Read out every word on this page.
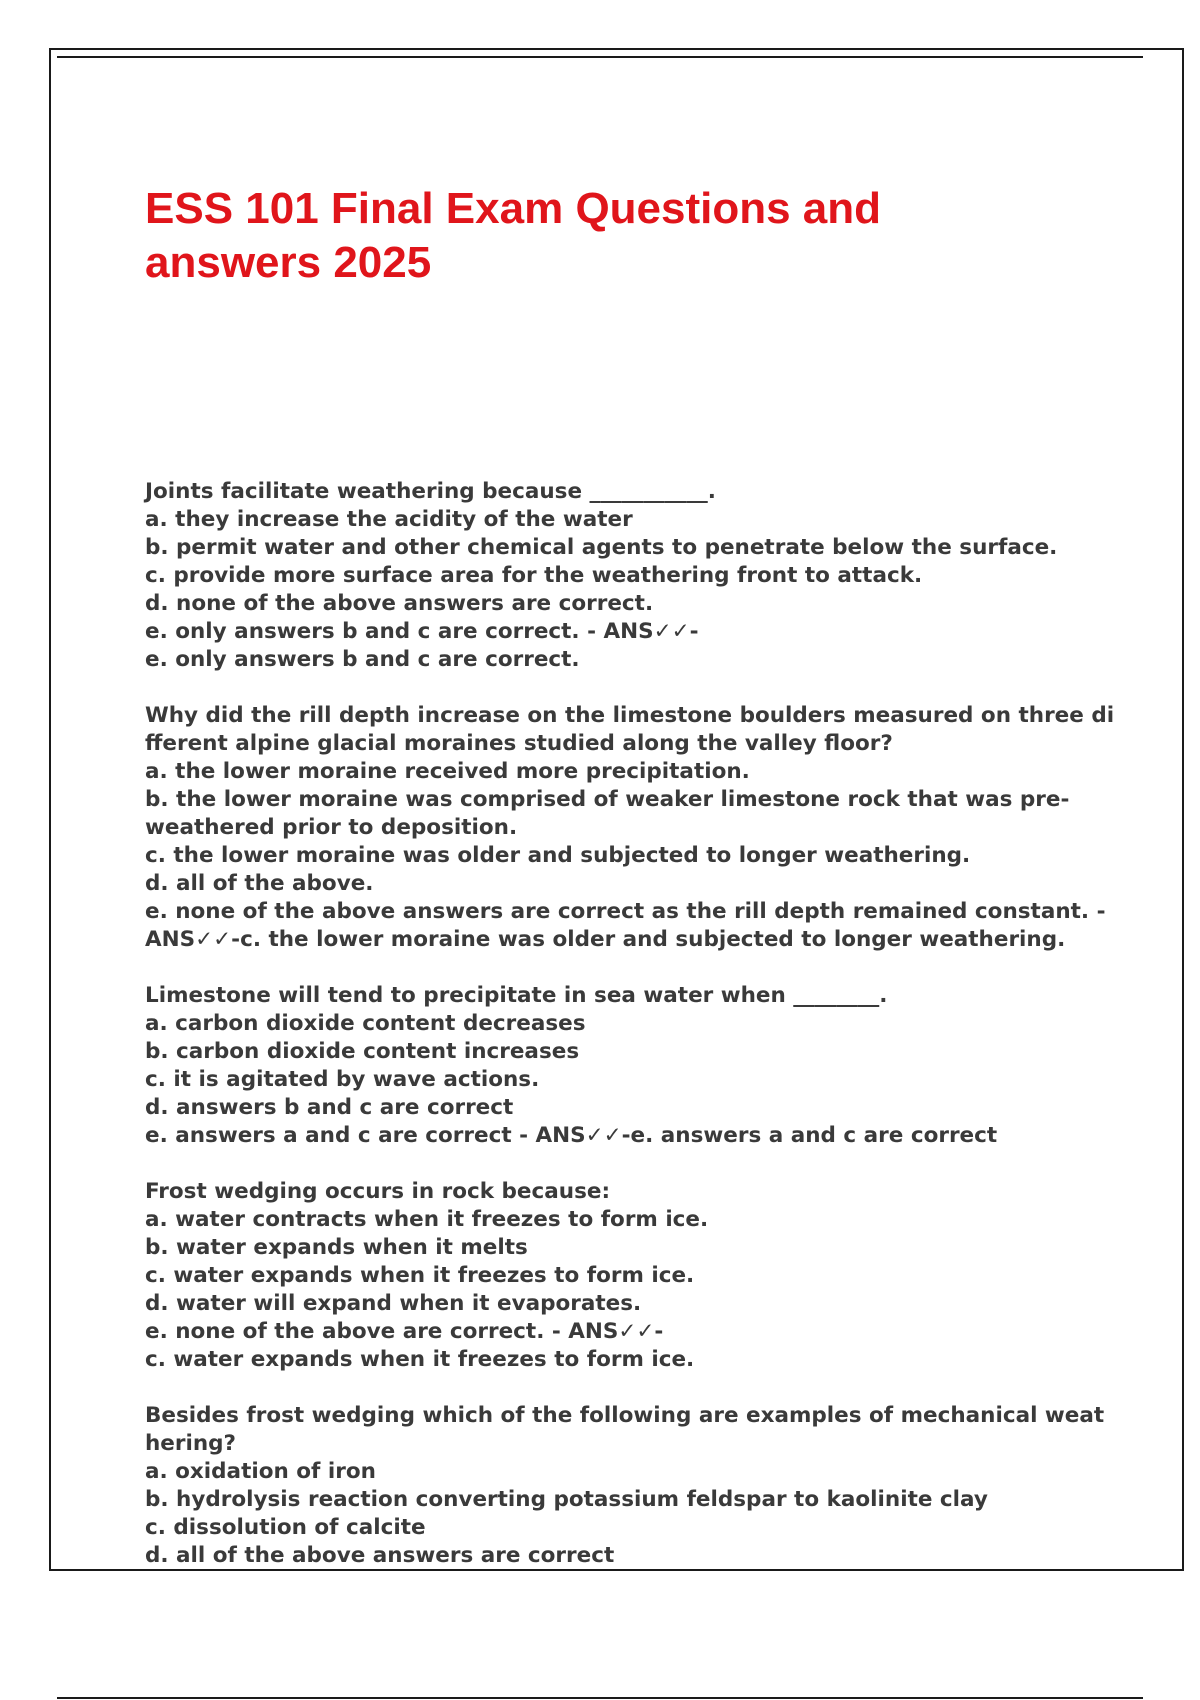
ESS 101 Final Exam Questions and
answers 2025
Joints facilitate weathering because ___________.
a. they increase the acidity of the water
b. permit water and other chemical agents to penetrate below the surface.
c. provide more surface area for the weathering front to attack.
d. none of the above answers are correct.
e. only answers b and c are correct. - ANS✓✓-
e. only answers b and c are correct.
Why did the rill depth increase on the limestone boulders measured on three di
fferent alpine glacial moraines studied along the valley floor?
a. the lower moraine received more precipitation.
b. the lower moraine was comprised of weaker limestone rock that was pre-
weathered prior to deposition.
c. the lower moraine was older and subjected to longer weathering.
d. all of the above.
e. none of the above answers are correct as the rill depth remained constant. -
ANS✓✓-c. the lower moraine was older and subjected to longer weathering.
Limestone will tend to precipitate in sea water when ________.
a. carbon dioxide content decreases
b. carbon dioxide content increases
c. it is agitated by wave actions.
d. answers b and c are correct
e. answers a and c are correct - ANS✓✓-e. answers a and c are correct
Frost wedging occurs in rock because:
a. water contracts when it freezes to form ice.
b. water expands when it melts
c. water expands when it freezes to form ice.
d. water will expand when it evaporates.
e. none of the above are correct. - ANS✓✓-
c. water expands when it freezes to form ice.
Besides frost wedging which of the following are examples of mechanical weat
hering?
a. oxidation of iron
b. hydrolysis reaction converting potassium feldspar to kaolinite clay
c. dissolution of calcite
d. all of the above answers are correct
